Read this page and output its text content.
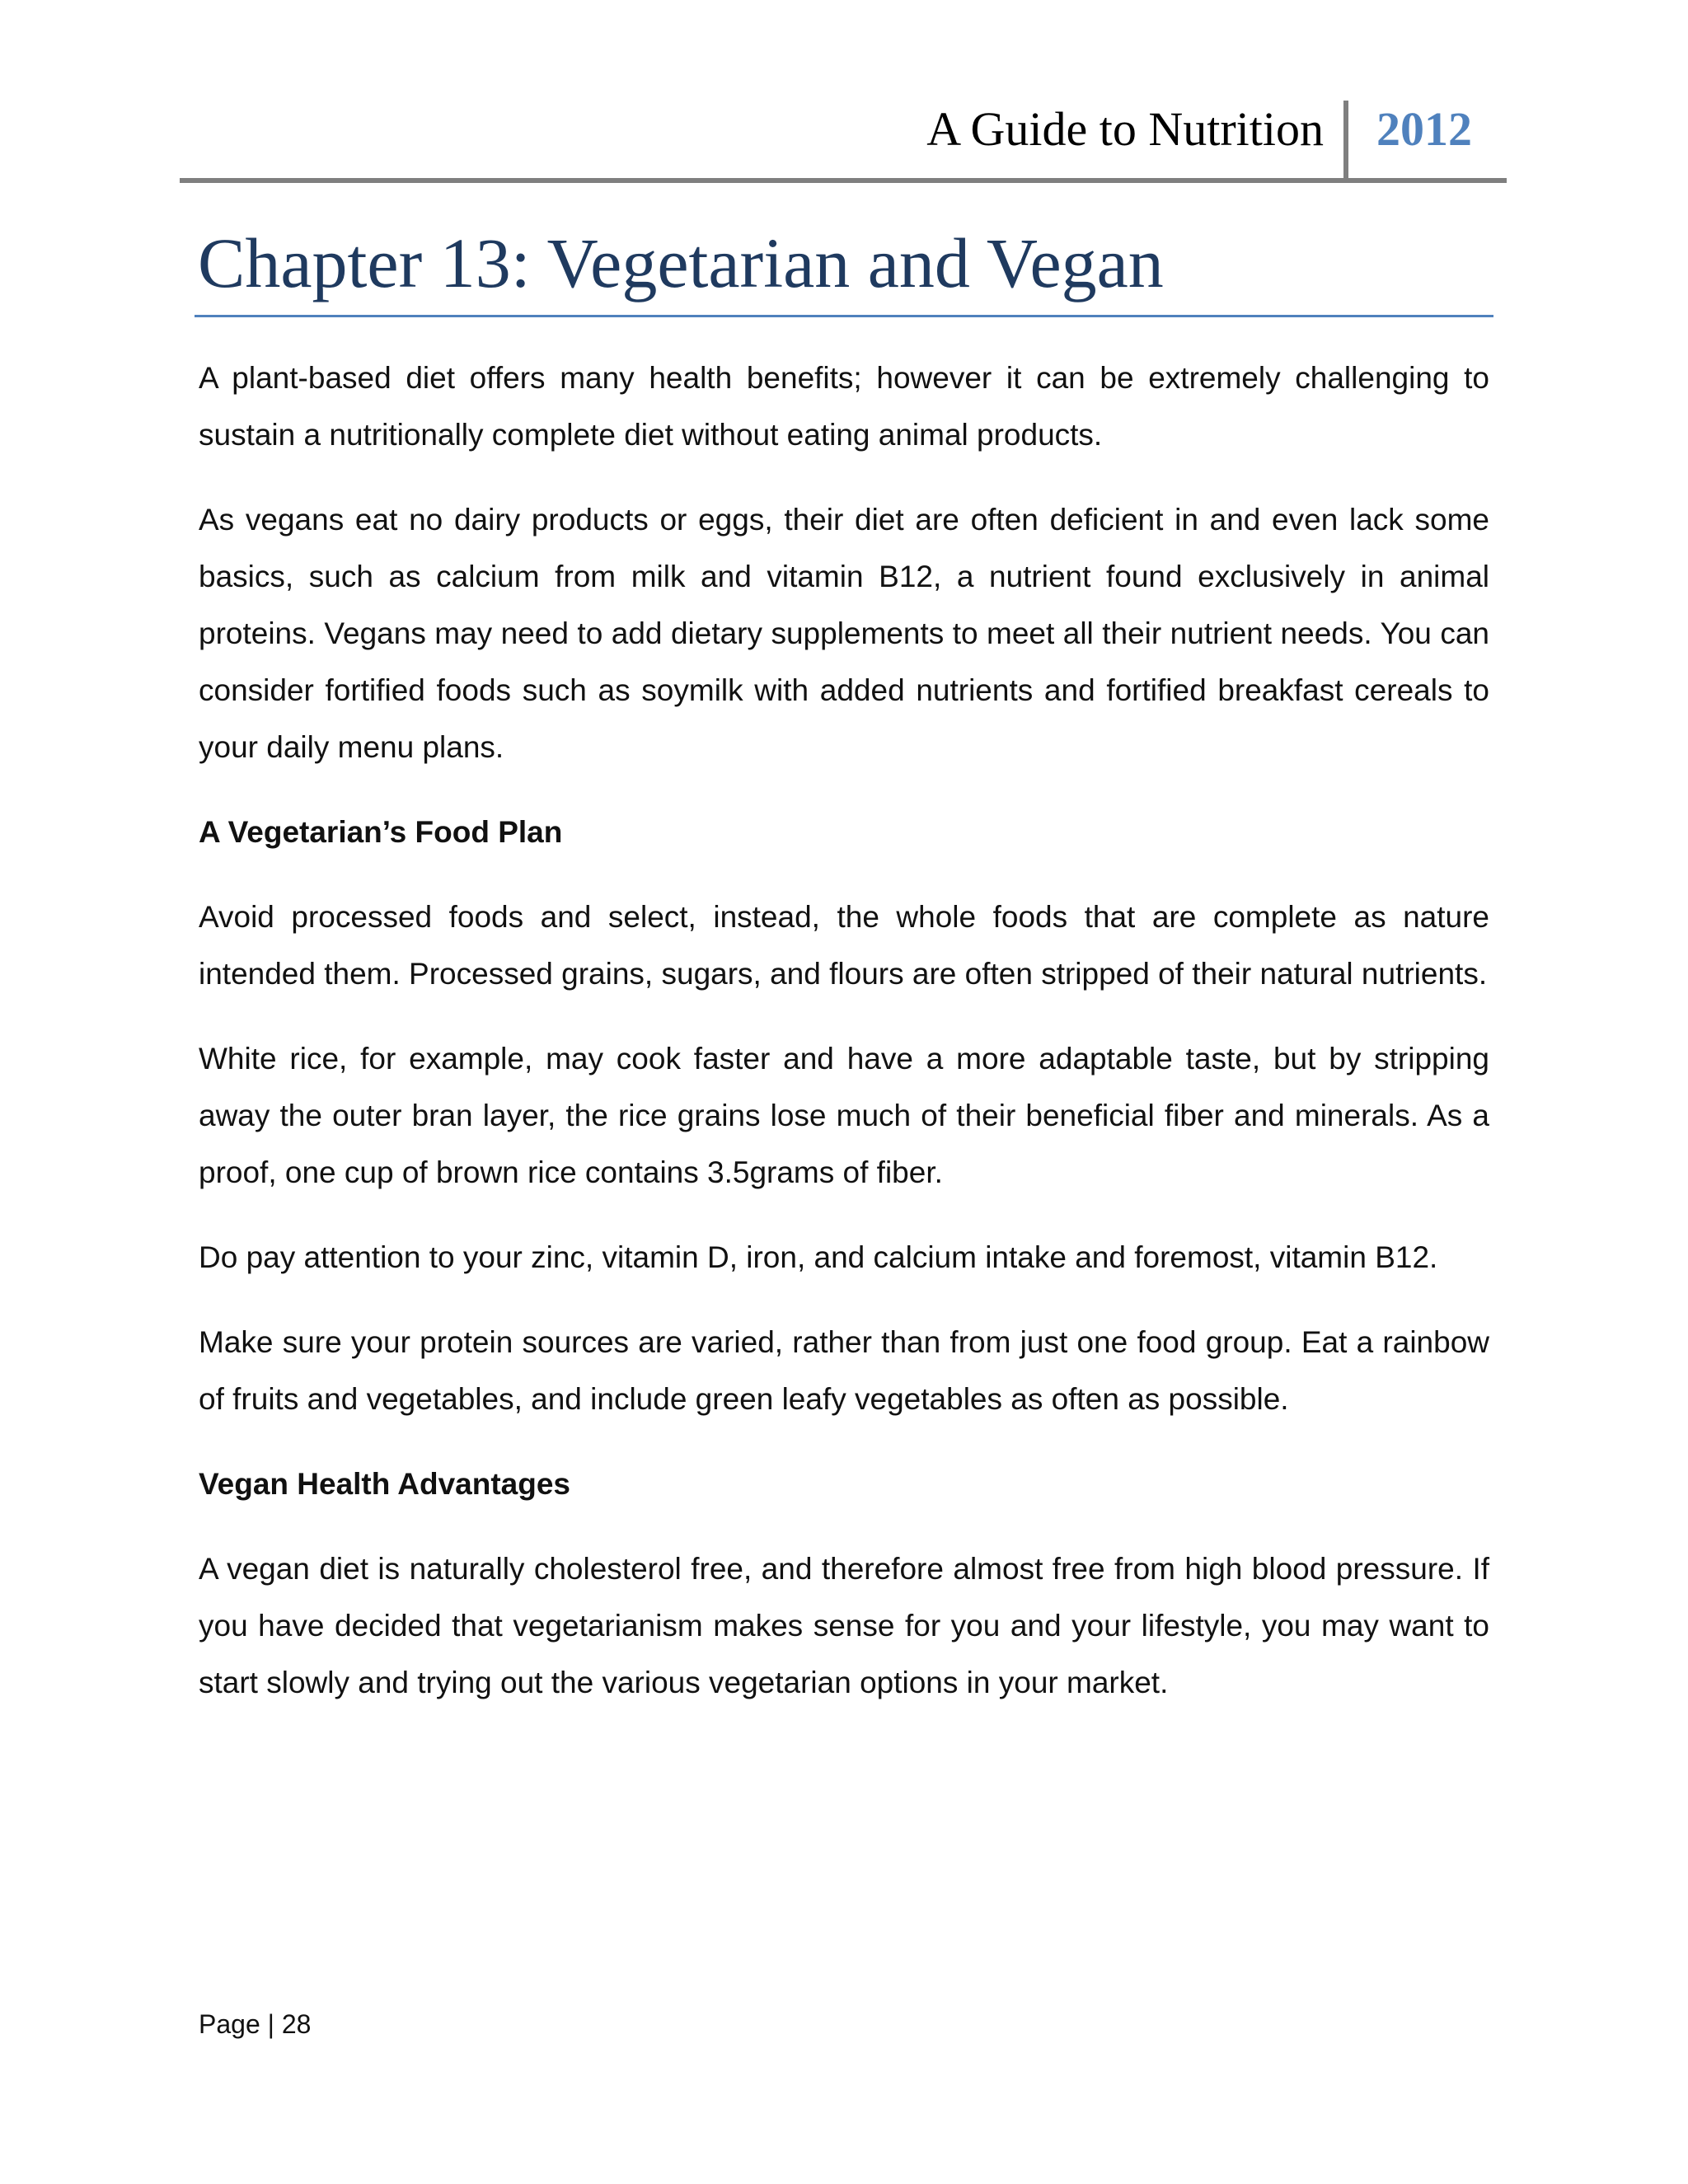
A Guide to Nutrition 2012
Chapter 13: Vegetarian and Vegan

A plant-based diet offers many health benefits; however it can be extremely challenging to sustain a nutritionally complete diet without eating animal products.

As vegans eat no dairy products or eggs, their diet are often deficient in and even lack some basics, such as calcium from milk and vitamin B12, a nutrient found exclusively in animal proteins. Vegans may need to add dietary supplements to meet all their nutrient needs. You can consider fortified foods such as soymilk with added nutrients and fortified breakfast cereals to your daily menu plans.

A Vegetarian’s Food Plan

Avoid processed foods and select, instead, the whole foods that are complete as nature intended them. Processed grains, sugars, and flours are often stripped of their natural nutrients.

White rice, for example, may cook faster and have a more adaptable taste, but by stripping away the outer bran layer, the rice grains lose much of their beneficial fiber and minerals. As a proof, one cup of brown rice contains 3.5grams of fiber.

Do pay attention to your zinc, vitamin D, iron, and calcium intake and foremost, vitamin B12.

Make sure your protein sources are varied, rather than from just one food group. Eat a rainbow of fruits and vegetables, and include green leafy vegetables as often as possible.

Vegan Health Advantages

A vegan diet is naturally cholesterol free, and therefore almost free from high blood pressure. If you have decided that vegetarianism makes sense for you and your lifestyle, you may want to start slowly and trying out the various vegetarian options in your market.

Page | 28
